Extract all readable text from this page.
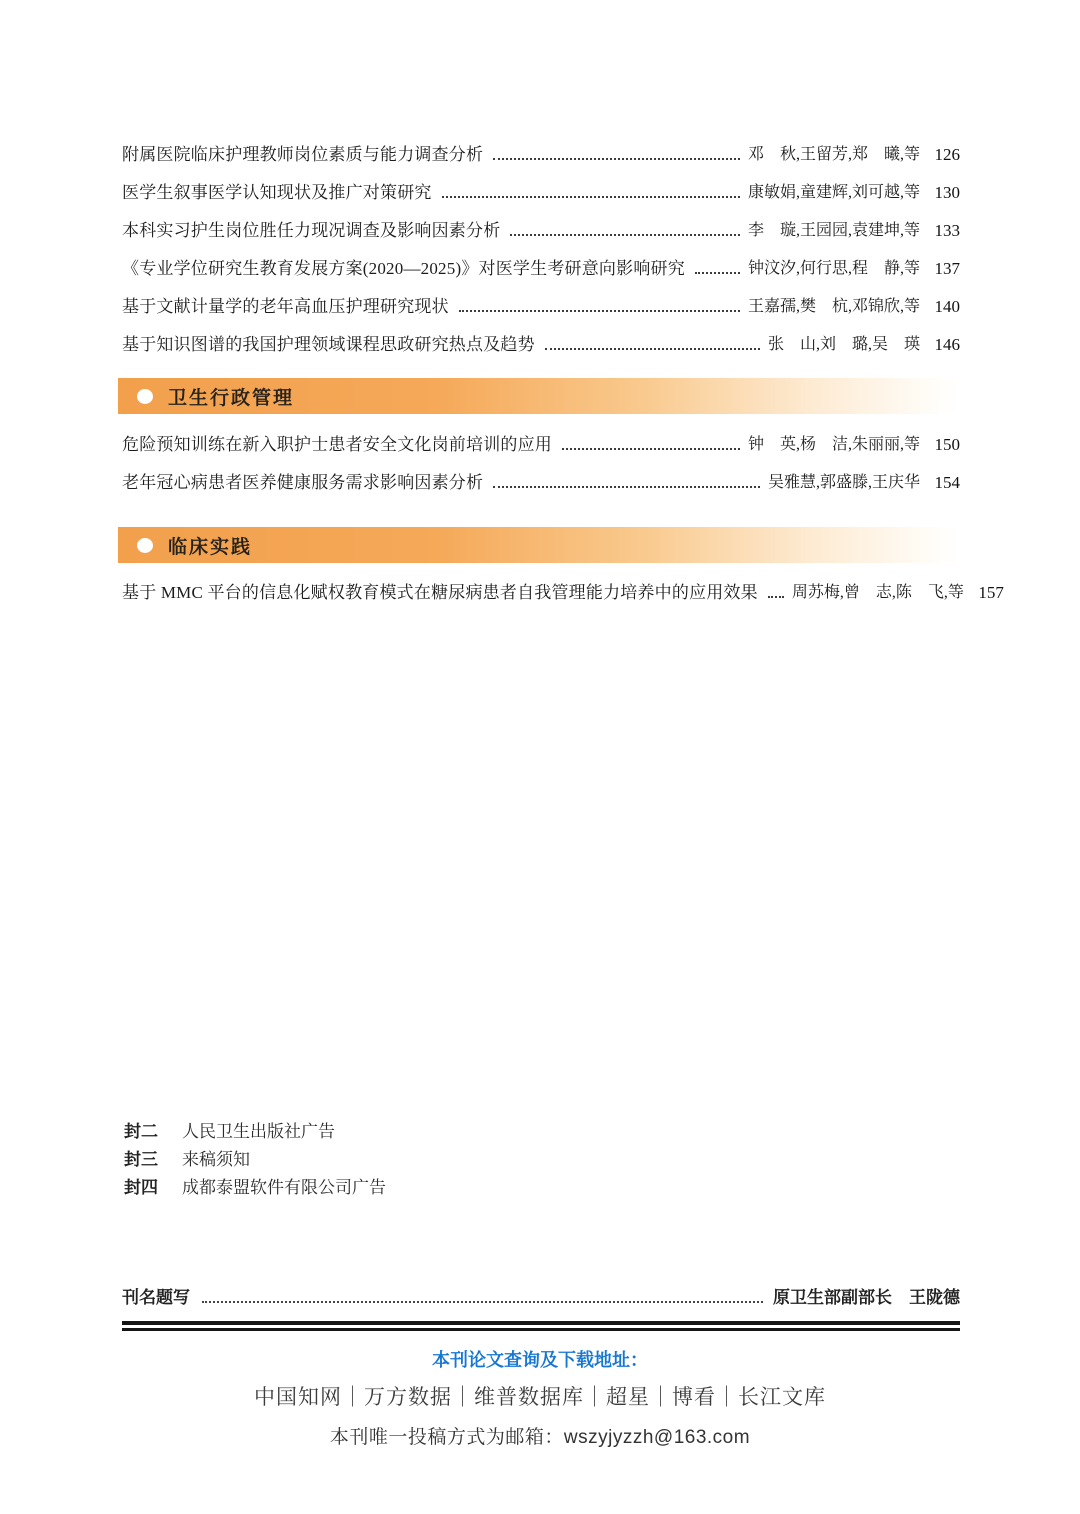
附属医院临床护理教师岗位素质与能力调查分析	邓　秋,王留芳,郑　曦,等 126
医学生叙事医学认知现状及推广对策研究	康敏娟,童建辉,刘可越,等 130
本科实习护生岗位胜任力现况调查及影响因素分析	李　璇,王园园,袁建坤,等 133
《专业学位研究生教育发展方案(2020—2025)》对医学生考研意向影响研究	钟汶汐,何行思,程　静,等 137
基于文献计量学的老年高血压护理研究现状	王嘉孺,樊　杭,邓锦欣,等 140
基于知识图谱的我国护理领域课程思政研究热点及趋势	张　山,刘　璐,吴　瑛 146
卫生行政管理
危险预知训练在新入职护士患者安全文化岗前培训的应用	钟　英,杨　洁,朱丽丽,等 150
老年冠心病患者医养健康服务需求影响因素分析	吴雅慧,郭盛滕,王庆华 154
临床实践
基于 MMC 平台的信息化赋权教育模式在糖尿病患者自我管理能力培养中的应用效果 周苏梅,曾　志,陈　飞,等 157
封二	人民卫生出版社广告
封三	来稿须知
封四	成都泰盟软件有限公司广告
刊名题写	原卫生部副部长　王陇德
本刊论文查询及下载地址：
中国知网｜万方数据｜维普数据库｜超星｜博看｜长江文库
本刊唯一投稿方式为邮箱：wszyjyzzh@163.com
